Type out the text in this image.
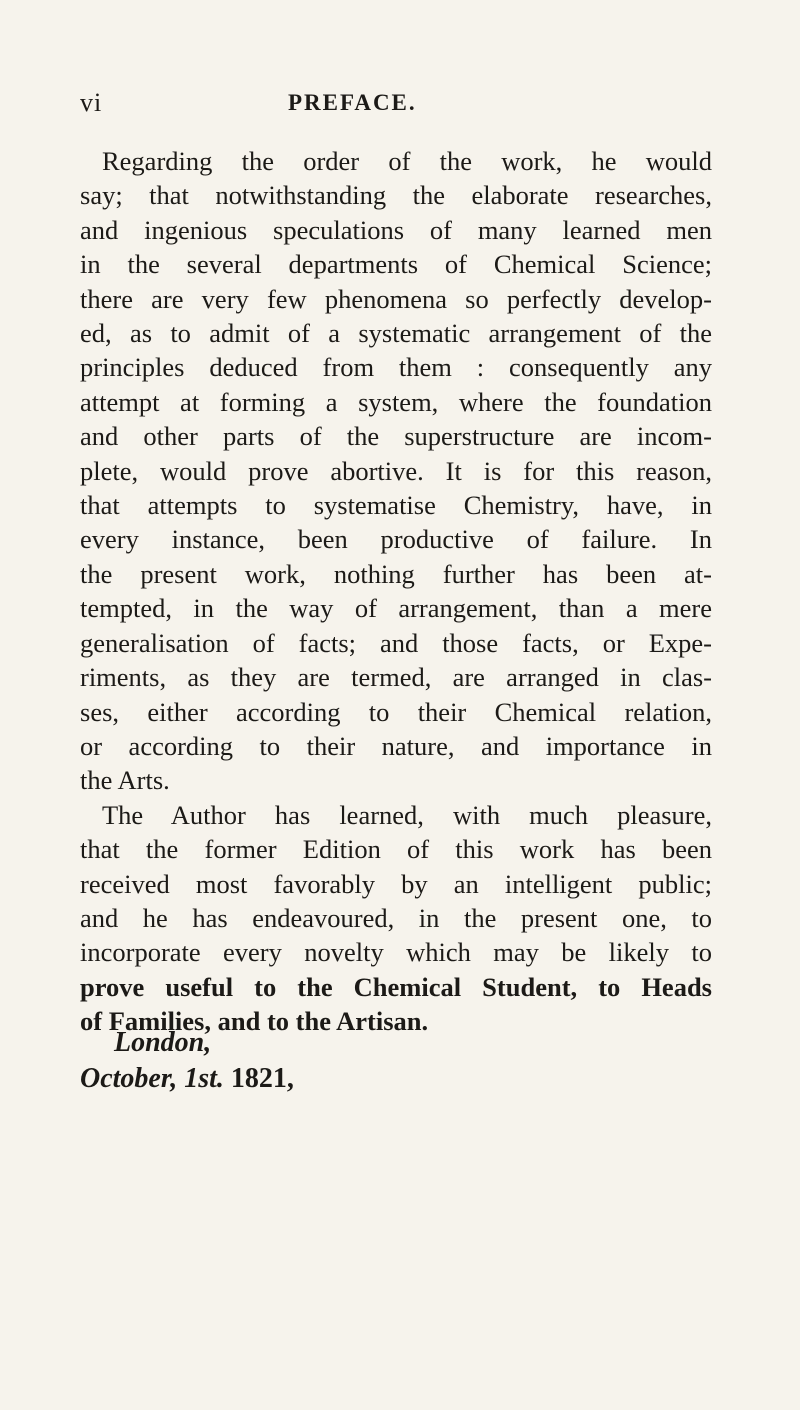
vi	PREFACE.
Regarding the order of the work, he would
say; that notwithstanding the elaborate researches,
and ingenious speculations of many learned men
in the several departments of Chemical Science;
there are very few phenomena so perfectly develop-
ed, as to admit of a systematic arrangement of the
principles deduced from them : consequently any
attempt at forming a system, where the foundation
and other parts of the superstructure are incom-
plete, would prove abortive. It is for this reason,
that attempts to systematise Chemistry, have, in
every instance, been productive of failure. In
the present work, nothing further has been at-
tempted, in the way of arrangement, than a mere
generalisation of facts; and those facts, or Expe-
riments, as they are termed, are arranged in clas-
ses, either according to their Chemical relation,
or according to their nature, and importance in
the Arts.
The Author has learned, with much pleasure,
that the former Edition of this work has been
received most favorably by an intelligent public;
and he has endeavoured, in the present one, to
incorporate every novelty which may be likely to
prove useful to the Chemical Student, to Heads
of Families, and to the Artisan.
London,
October, 1st. 1821,
